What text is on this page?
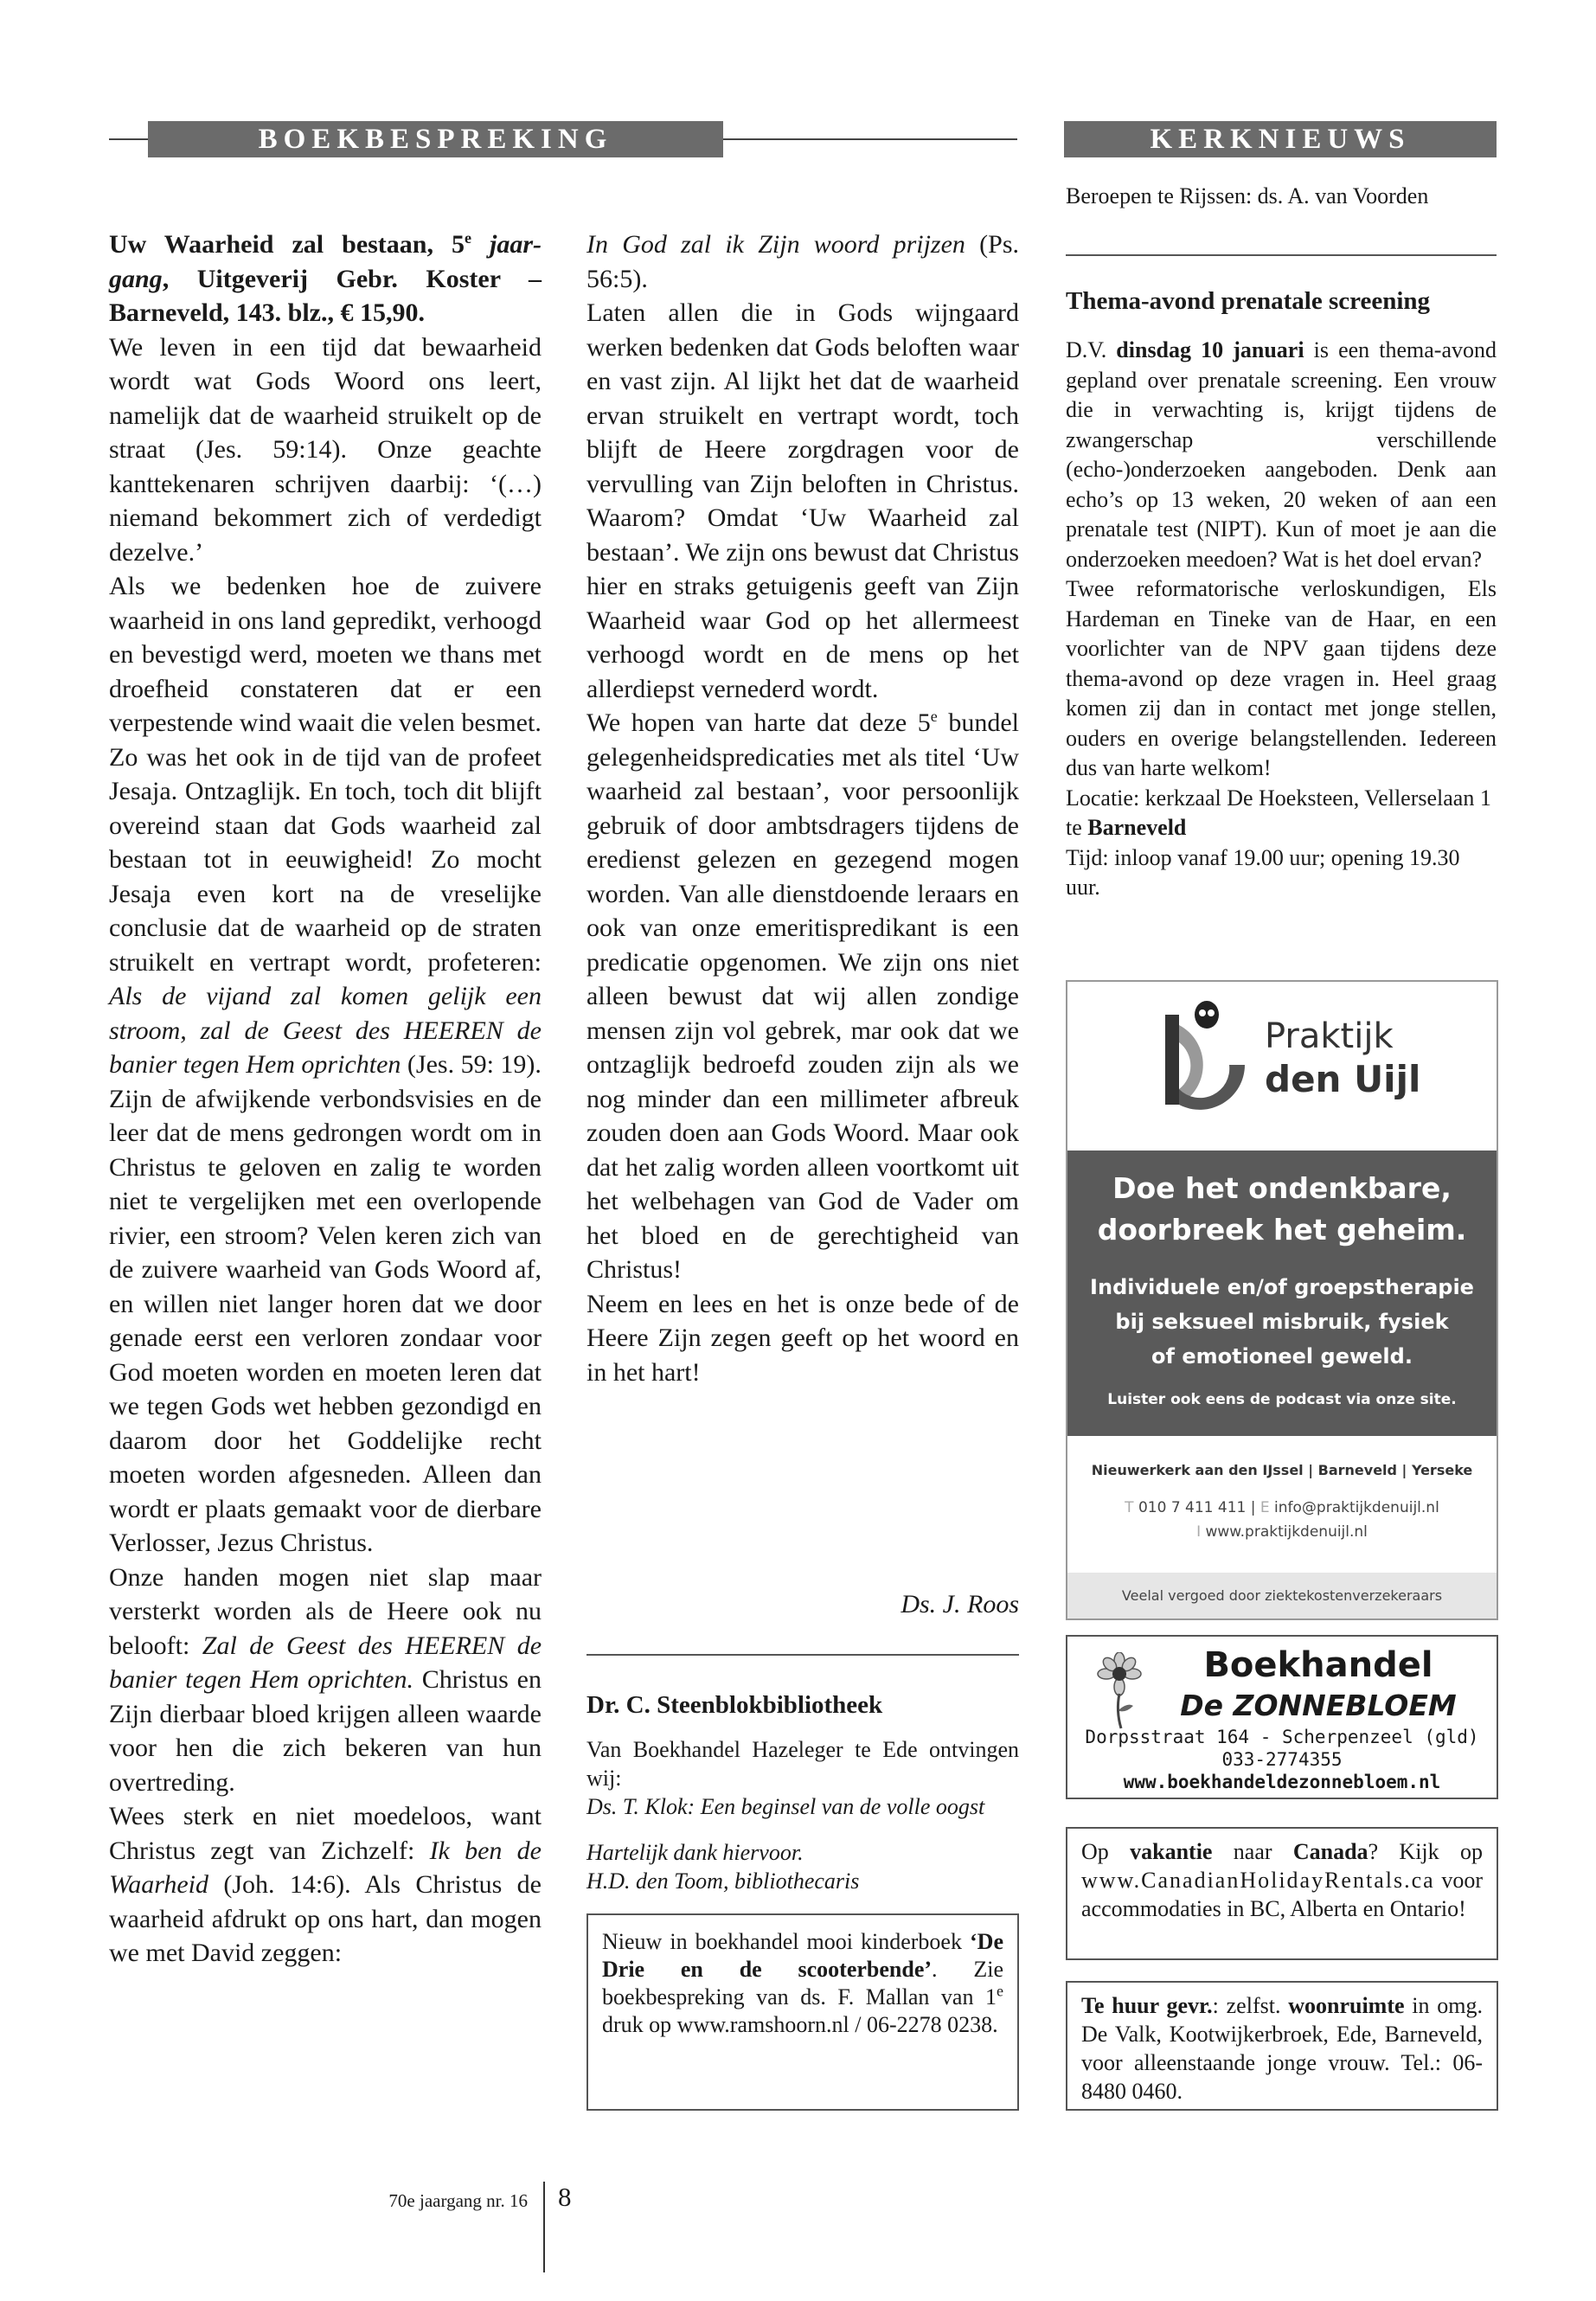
BOEKBESPREKING	KERKNIEUWS

Uw Waarheid zal bestaan, 5e jaar- gang, Uitgeverij Gebr. Koster – Barneveld, 143. blz., € 15,90.

We leven in een tijd dat bewaarheid wordt wat Gods Woord ons leert, namelijk dat de waarheid struikelt op de straat (Jes. 59:14). Onze geachte kanttekenaren schrijven daarbij: ‘(…) niemand bekommert zich of verdedigt dezelve.’

Als we bedenken hoe de zuivere waarheid in ons land gepredikt, verhoogd en bevestigd werd, moeten we thans met droefheid constateren dat er een verpestende wind waait die velen besmet.

Zo was het ook in de tijd van de profeet Jesaja. Ontzaglijk. En toch, toch dit blijft overeind staan dat Gods waarheid zal bestaan tot in eeuwigheid! Zo mocht Jesaja even kort na de vreselijke conclusie dat de waarheid op de straten struikelt en vertrapt wordt, profeteren: Als de vijand zal komen gelijk een stroom, zal de Geest des HEEREN de banier tegen Hem oprichten (Jes. 59: 19).

Zijn de afwijkende verbondsvisies en de leer dat de mens gedrongen wordt om in Christus te geloven en zalig te worden niet te vergelijken met een overlopende rivier, een stroom? Velen keren zich van de zuivere waarheid van Gods Woord af, en willen niet langer horen dat we door genade eerst een verloren zondaar voor God moeten worden en moeten leren dat we tegen Gods wet hebben gezondigd en daarom door het Goddelijke recht moeten worden afgesneden. Alleen dan wordt er plaats gemaakt voor de dierbare Verlosser, Jezus Christus.

Onze handen mogen niet slap maar versterkt worden als de Heere ook nu belooft: Zal de Geest des HEEREN de banier tegen Hem oprichten. Christus en Zijn dierbaar bloed krijgen alleen waarde voor hen die zich bekeren van hun overtreding.

Wees sterk en niet moedeloos, want Christus zegt van Zichzelf: Ik ben de Waarheid (Joh. 14:6). Als Christus de waarheid afdrukt op ons hart, dan mogen we met David zeggen:

In God zal ik Zijn woord prijzen (Ps. 56:5).

Laten allen die in Gods wijngaard werken bedenken dat Gods beloften waar en vast zijn. Al lijkt het dat de waarheid ervan struikelt en vertrapt wordt, toch blijft de Heere zorgdragen voor de vervulling van Zijn beloften in Christus. Waarom? Omdat ‘Uw Waarheid zal bestaan’. We zijn ons bewust dat Christus hier en straks getuigenis geeft van Zijn Waarheid waar God op het allermeest verhoogd wordt en de mens op het allerdiepst vernederd wordt.

We hopen van harte dat deze 5e bundel gelegenheidspredicaties met als titel ‘Uw waarheid zal bestaan’, voor persoonlijk gebruik of door ambtsdragers tijdens de eredienst gelezen en gezegend mogen worden. Van alle dienstdoende leraars en ook van onze emeritispredikant is een predicatie opgenomen. We zijn ons niet alleen bewust dat wij allen zondige mensen zijn vol gebrek, mar ook dat we ontzaglijk bedroefd zouden zijn als we nog minder dan een millimeter afbreuk zouden doen aan Gods Woord. Maar ook dat het zalig worden alleen voortkomt uit het welbehagen van God de Vader om het bloed en de gerechtigheid van Christus!

Neem en lees en het is onze bede of de Heere Zijn zegen geeft op het woord en in het hart!

Ds. J. Roos
Dr. C. Steenblokbibliotheek

Van Boekhandel Hazeleger te Ede ontvingen wij:

Ds. T. Klok: Een beginsel van de volle oogst

Hartelijk dank hiervoor.

H.D. den Toom, bibliothecaris

Nieuw in boekhandel mooi kinderboek ‘De Drie en de scooterbende’. Zie boekbespreking van ds. F. Mallan van 1e druk op www.ramshoorn.nl / 06-2278 0238.
Beroepen te Rijssen: ds. A. van Voorden
Thema-avond prenatale screening

D.V. dinsdag 10 januari is een thema-avond gepland over prenatale screening. Een vrouw die in verwachting is, krijgt tijdens de zwangerschap verschillende (echo-)onderzoeken aangeboden. Denk aan echo’s op 13 weken, 20 weken of aan een prenatale test (NIPT). Kun of moet je aan die onderzoeken meedoen? Wat is het doel ervan?

Twee reformatorische verloskundigen, Els Hardeman en Tineke van de Haar, en een voorlichter van de NPV gaan tijdens deze thema-avond op deze vragen in. Heel graag komen zij dan in contact met jonge stellen, ouders en overige belangstellenden. Iedereen dus van harte welkom!

Locatie: kerkzaal De Hoeksteen, Vellerselaan 1 te Barneveld

Tijd: inloop vanaf 19.00 uur; opening 19.30 uur.

Praktijk
den Uijl
Doe het ondenkbare,
doorbreek het geheim.
Individuele en/of groepstherapie
bij seksueel misbruik, fysiek
of emotioneel geweld.
Luister ook eens de podcast via onze site.
Nieuwerkerk aan den IJssel | Barneveld | Yerseke
T 010 7 411 411 | E info@praktijkdenuijl.nl
I www.praktijkdenuijl.nl
Veelal vergoed door ziektekostenverzekeraars
Boekhandel
De ZONNEBLOEM
Dorpsstraat 164 - Scherpenzeel (gld)
033-2774355
www.boekhandeldezonnebloem.nl
Op vakantie naar Canada? Kijk op www.CanadianHolidayRentals.ca voor accommodaties in BC, Alberta en Ontario!
Te huur gevr.: zelfst. woonruimte in omg. De Valk, Kootwijkerbroek, Ede, Barneveld, voor alleenstaande jonge vrouw. Tel.: 06-8480 0460.
70e jaargang nr. 16 8
